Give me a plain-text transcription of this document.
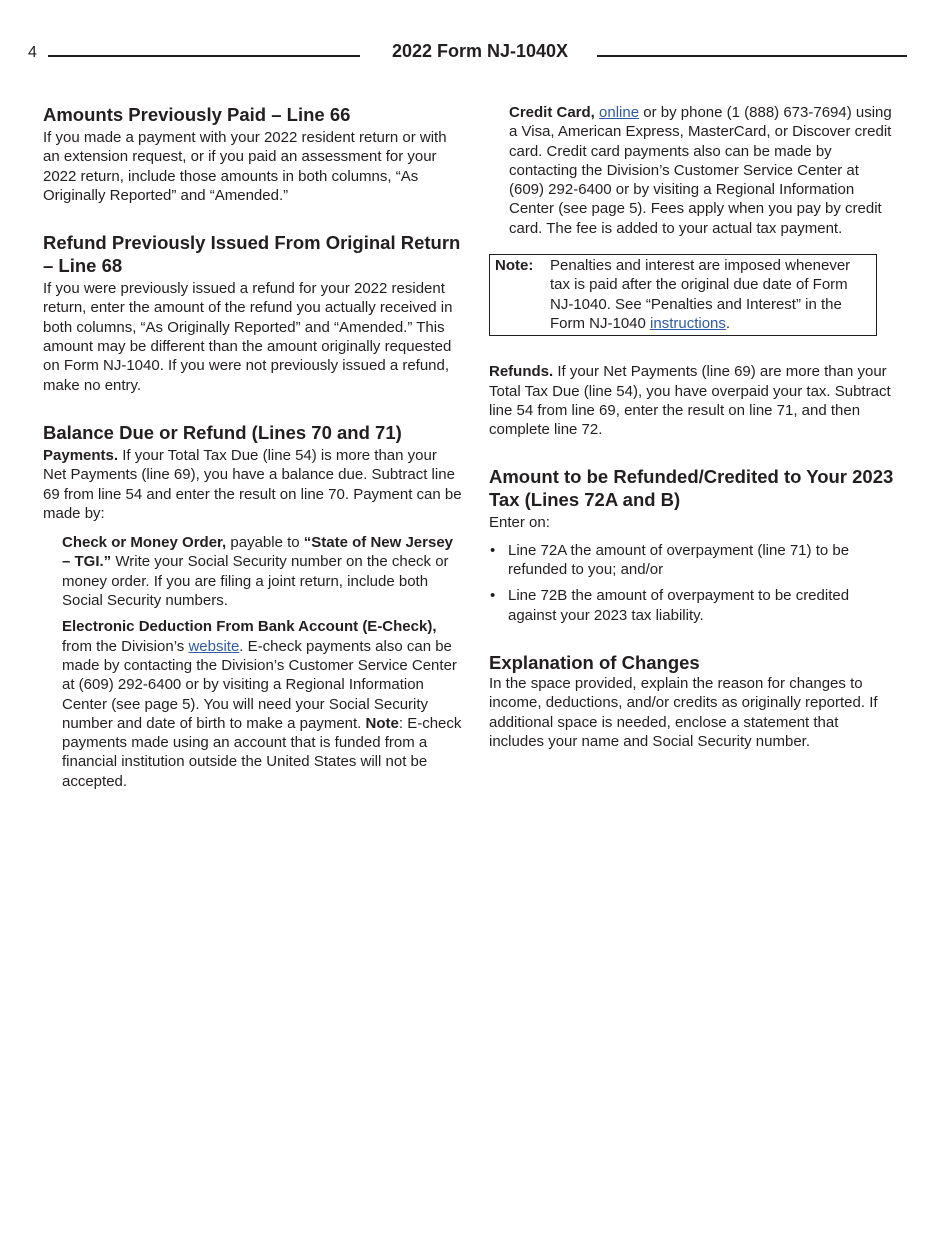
4	2022 Form NJ-1040X
Amounts Previously Paid – Line 66

If you made a payment with your 2022 resident return or with an extension request, or if you paid an assessment for your 2022 return, include those amounts in both columns, “As Originally Reported” and “Amended.”

Refund Previously Issued From Original Return – Line 68

If you were previously issued a refund for your 2022 resident return, enter the amount of the refund you actually received in both columns, “As Originally Reported” and “Amended.” This amount may be different than the amount originally requested on Form NJ-1040. If you were not previously issued a refund, make no entry.

Balance Due or Refund (Lines 70 and 71)

Payments. If your Total Tax Due (line 54) is more than your Net Payments (line 69), you have a balance due. Subtract line 69 from line 54 and enter the result on line 70. Payment can be made by:

Check or Money Order, payable to “State of New Jersey – TGI.” Write your Social Security number on the check or money order. If you are filing a joint return, include both Social Security numbers.

Electronic Deduction From Bank Account (E-Check), from the Division’s website. E-check payments also can be made by contacting the Division’s Customer Service Center at (609) 292-6400 or by visiting a Regional Information Center (see page 5). You will need your Social Security number and date of birth to make a payment. Note: E-check payments made using an account that is funded from a financial institution outside the United States will not be accepted.

Credit Card, online or by phone (1 (888) 673-7694) using a Visa, American Express, MasterCard, or Discover credit card. Credit card payments also can be made by contacting the Division’s Customer Service Center at (609) 292-6400 or by visiting a Regional Information Center (see page 5). Fees apply when you pay by credit card. The fee is added to your actual tax payment.

Note:	Penalties and interest are imposed whenever tax is paid after the original due date of Form NJ-1040. See “Penalties and Interest” in the Form NJ-1040 instructions.

Refunds. If your Net Payments (line 69) are more than your Total Tax Due (line 54), you have overpaid your tax. Subtract line 54 from line 69, enter the result on line 71, and then complete line 72.

Amount to be Refunded/Credited to Your 2023 Tax (Lines 72A and B)

Enter on:

• Line 72A the amount of overpayment (line 71) to be refunded to you; and/or
• Line 72B the amount of overpayment to be credited against your 2023 tax liability.
Explanation of Changes

In the space provided, explain the reason for changes to income, deductions, and/or credits as originally reported. If additional space is needed, enclose a statement that includes your name and Social Security number.
